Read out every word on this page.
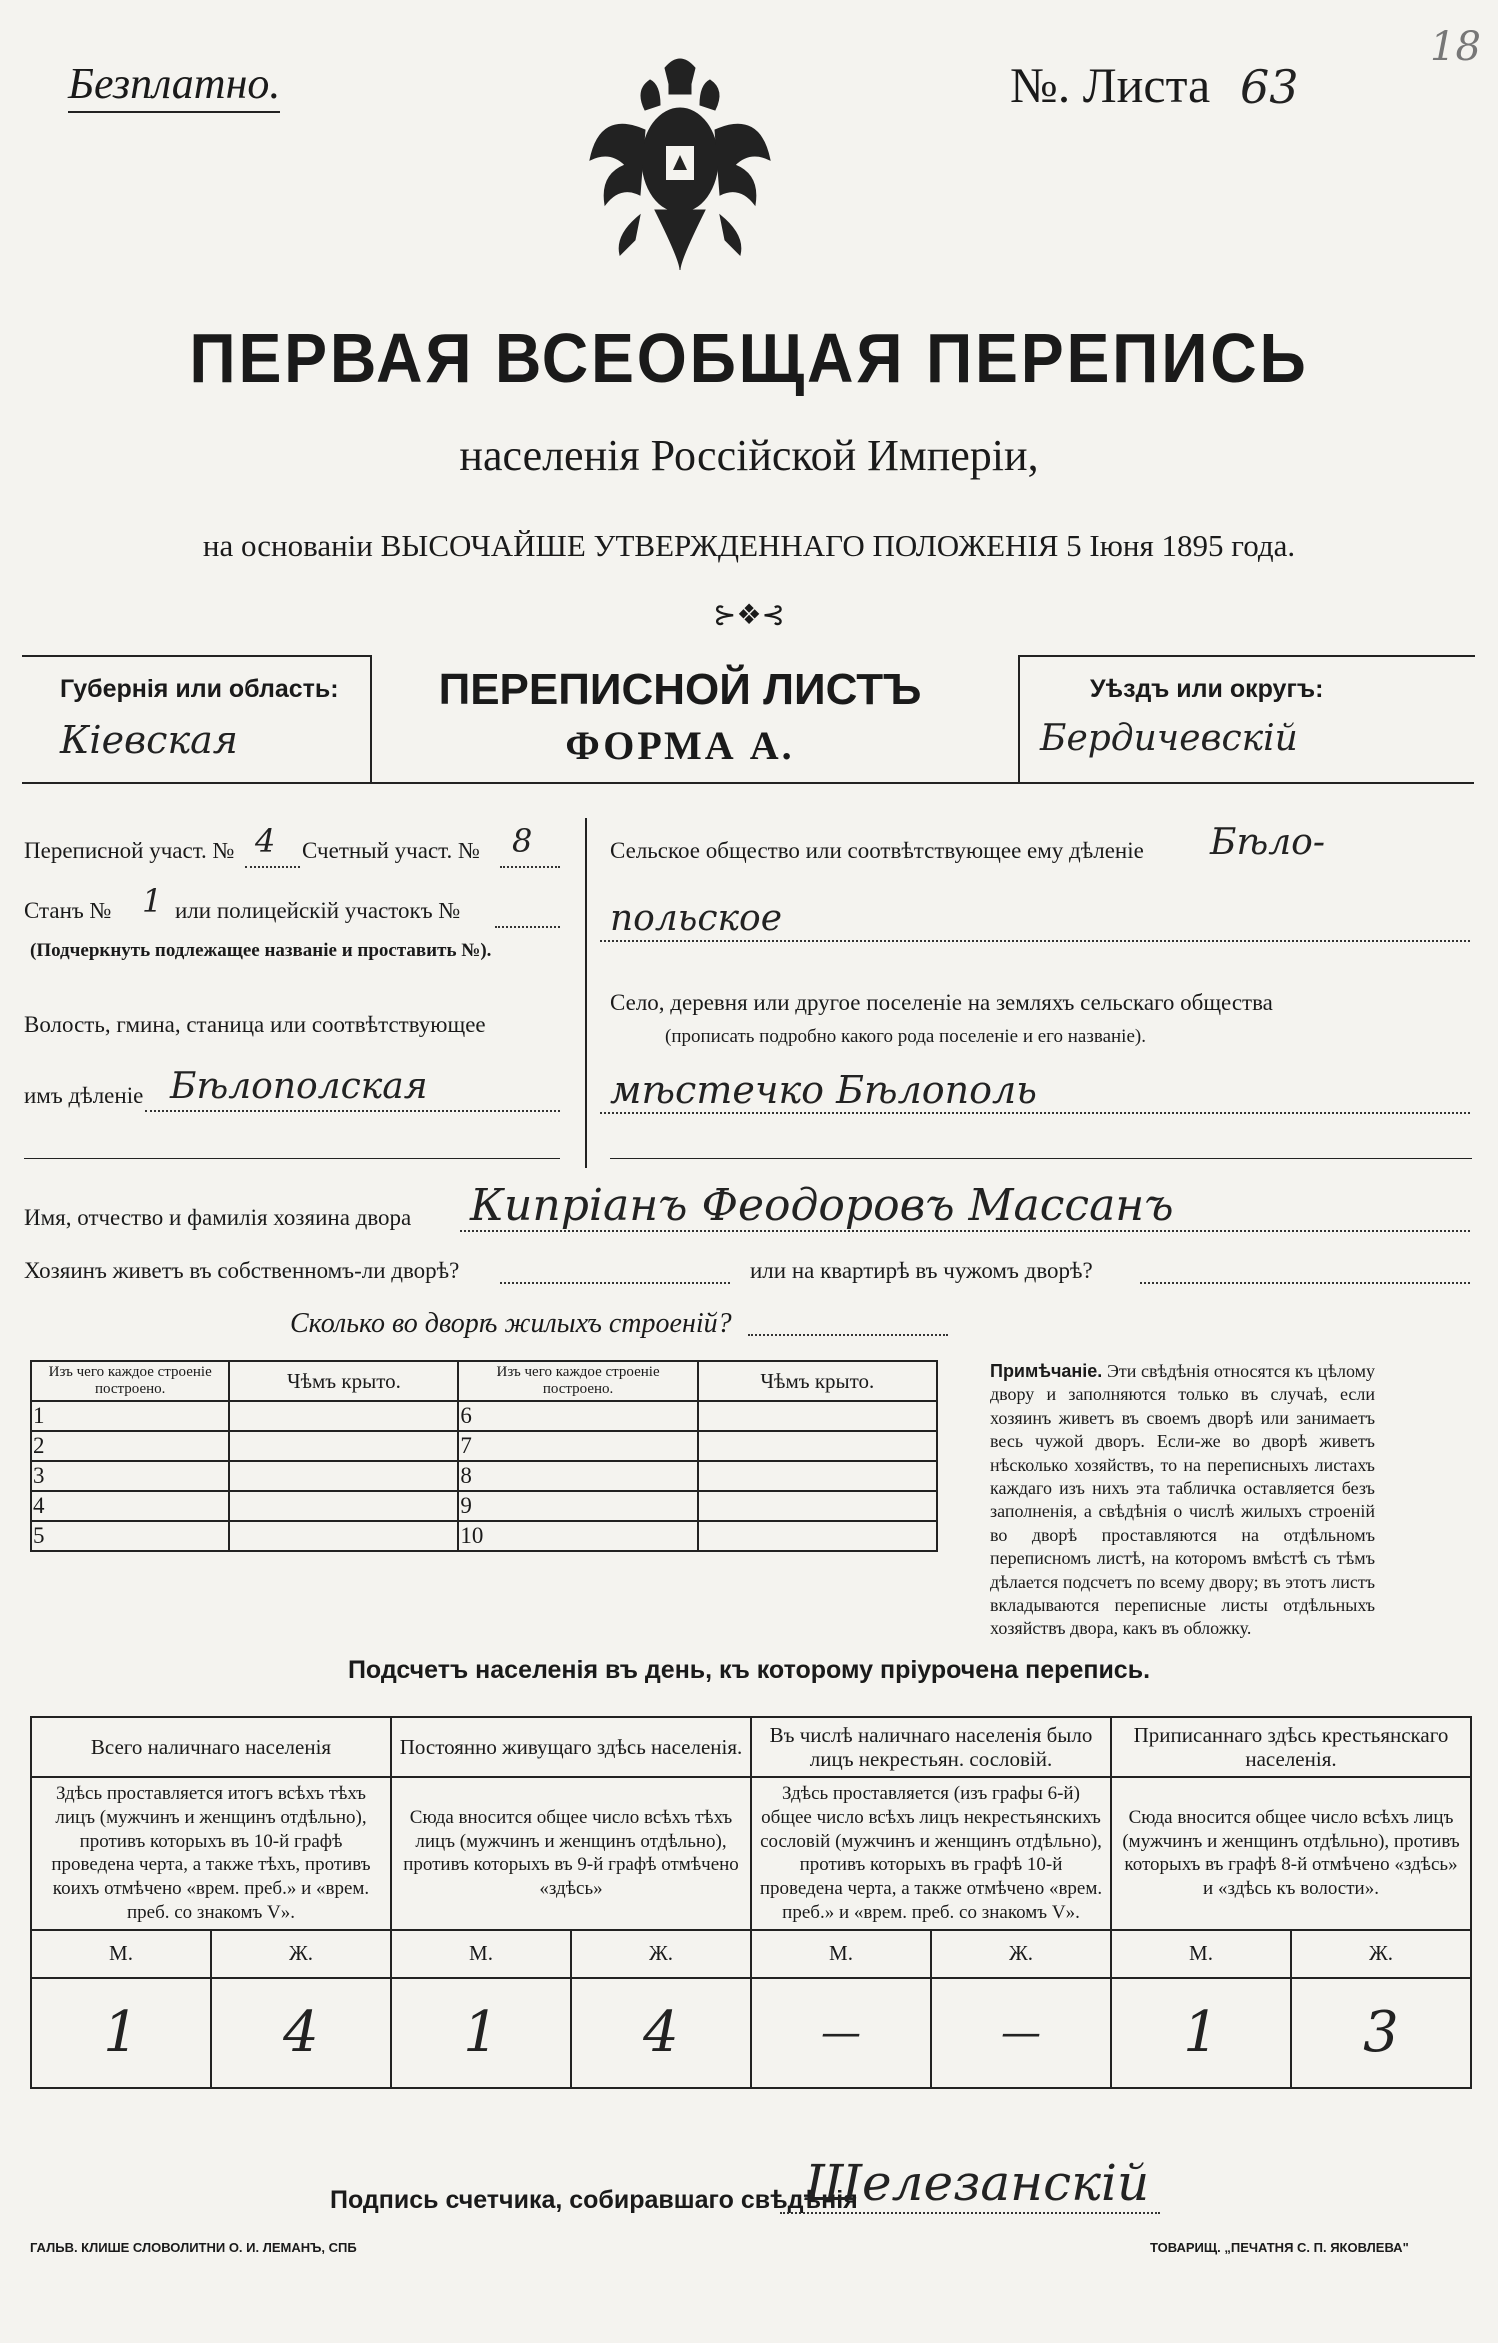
Безплатно.	№. Листа 63
18
ПЕРВАЯ ВСЕОБЩАЯ ПЕРЕПИСЬ
населенія Россійской Имперіи,
на основаніи ВЫСОЧАЙШЕ УТВЕРЖДЕННАГО ПОЛОЖЕНІЯ 5 Іюня 1895 года.
⊱❖⊰
Губернія или область:
Кіевская
ПЕРЕПИСНОЙ ЛИСТЪ
ФОРМА А.
Уѣздъ или округъ:
Бердичевскій
Переписной участ. № 4 Счетный участ. № 8
Станъ № 1 или полицейскій участокъ №
(Подчеркнуть подлежащее названіе и проставить №).
Волость, гмина, станица или соотвѣтствующее
имъ дѣленіе Бѣлополская
Сельское общество или соотвѣтствующее ему дѣленіе Бѣло-
польское
Село, деревня или другое поселеніе на земляхъ сельскаго общества
(прописать подробно какого рода поселеніе и его названіе).
мѣстечко Бѣлополь
Имя, отчество и фамилія хозяина двора Кипріанъ Феодоровъ Массанъ
Хозяинъ живетъ въ собственномъ-ли дворѣ?	или на квартирѣ въ чужомъ дворѣ?
Сколько во дворѣ жилыхъ строеній?
Изъ чего каждое строеніе построено.	Чѣмъ крыто.	Изъ чего каждое строеніе построено.	Чѣмъ крыто.
1		6	
2		7	
3		8	
4		9	
5		10	
Примѣчаніе. Эти свѣдѣнія относятся къ цѣлому двору и заполняются только въ случаѣ, если хозяинъ живетъ въ своемъ дворѣ или занимаетъ весь чужой дворъ. Если-же во дворѣ живетъ нѣсколько хозяйствъ, то на переписныхъ листахъ каждаго изъ нихъ эта табличка оставляется безъ заполненія, а свѣдѣнія о числѣ жилыхъ строеній во дворѣ проставляются на отдѣльномъ переписномъ листѣ, на которомъ вмѣстѣ съ тѣмъ дѣлается подсчетъ по всему двору; въ этотъ листъ вкладываются переписные листы отдѣльныхъ хозяйствъ двора, какъ въ обложку.
Подсчетъ населенія въ день, къ которому пріурочена перепись.
Всего наличнаго населенія		Постоянно живущаго здѣсь населенія.		Въ числѣ наличнаго населенія было лицъ некрестьян. сословій.		Приписаннаго здѣсь крестьянскаго населенія.	
Здѣсь проставляется итогъ всѣхъ тѣхъ лицъ (мужчинъ и женщинъ отдѣльно), противъ которыхъ въ 10-й графѣ проведена черта, а также тѣхъ, противъ коихъ отмѣчено «врем. преб.» и «врем. преб. со знакомъ V».		Сюда вносится общее число всѣхъ тѣхъ лицъ (мужчинъ и женщинъ отдѣльно), противъ которыхъ въ 9-й графѣ отмѣчено «здѣсь»		Здѣсь проставляется (изъ графы 6-й) общее число всѣхъ лицъ некрестьянскихъ сословій (мужчинъ и женщинъ отдѣльно), противъ которыхъ въ графѣ 10-й проведена черта, а также отмѣчено «врем. преб.» и «врем. преб. со знакомъ V».		Сюда вносится общее число всѣхъ лицъ (мужчинъ и женщинъ отдѣльно), противъ которыхъ въ графѣ 8-й отмѣчено «здѣсь» и «здѣсь къ волости».	
М.	Ж.	М.	Ж.	М.	Ж.	М.	Ж.
1	4	1	4	—	—	1	3
Подпись счетчика, собиравшаго свѣдѣнія
Шелезанскій
ГАЛЬВ. КЛИШЕ СЛОВОЛИТНИ О. И. ЛЕМАНЪ, СПБ	ТОВАРИЩ. „ПЕЧАТНЯ С. П. ЯКОВЛЕВА"
